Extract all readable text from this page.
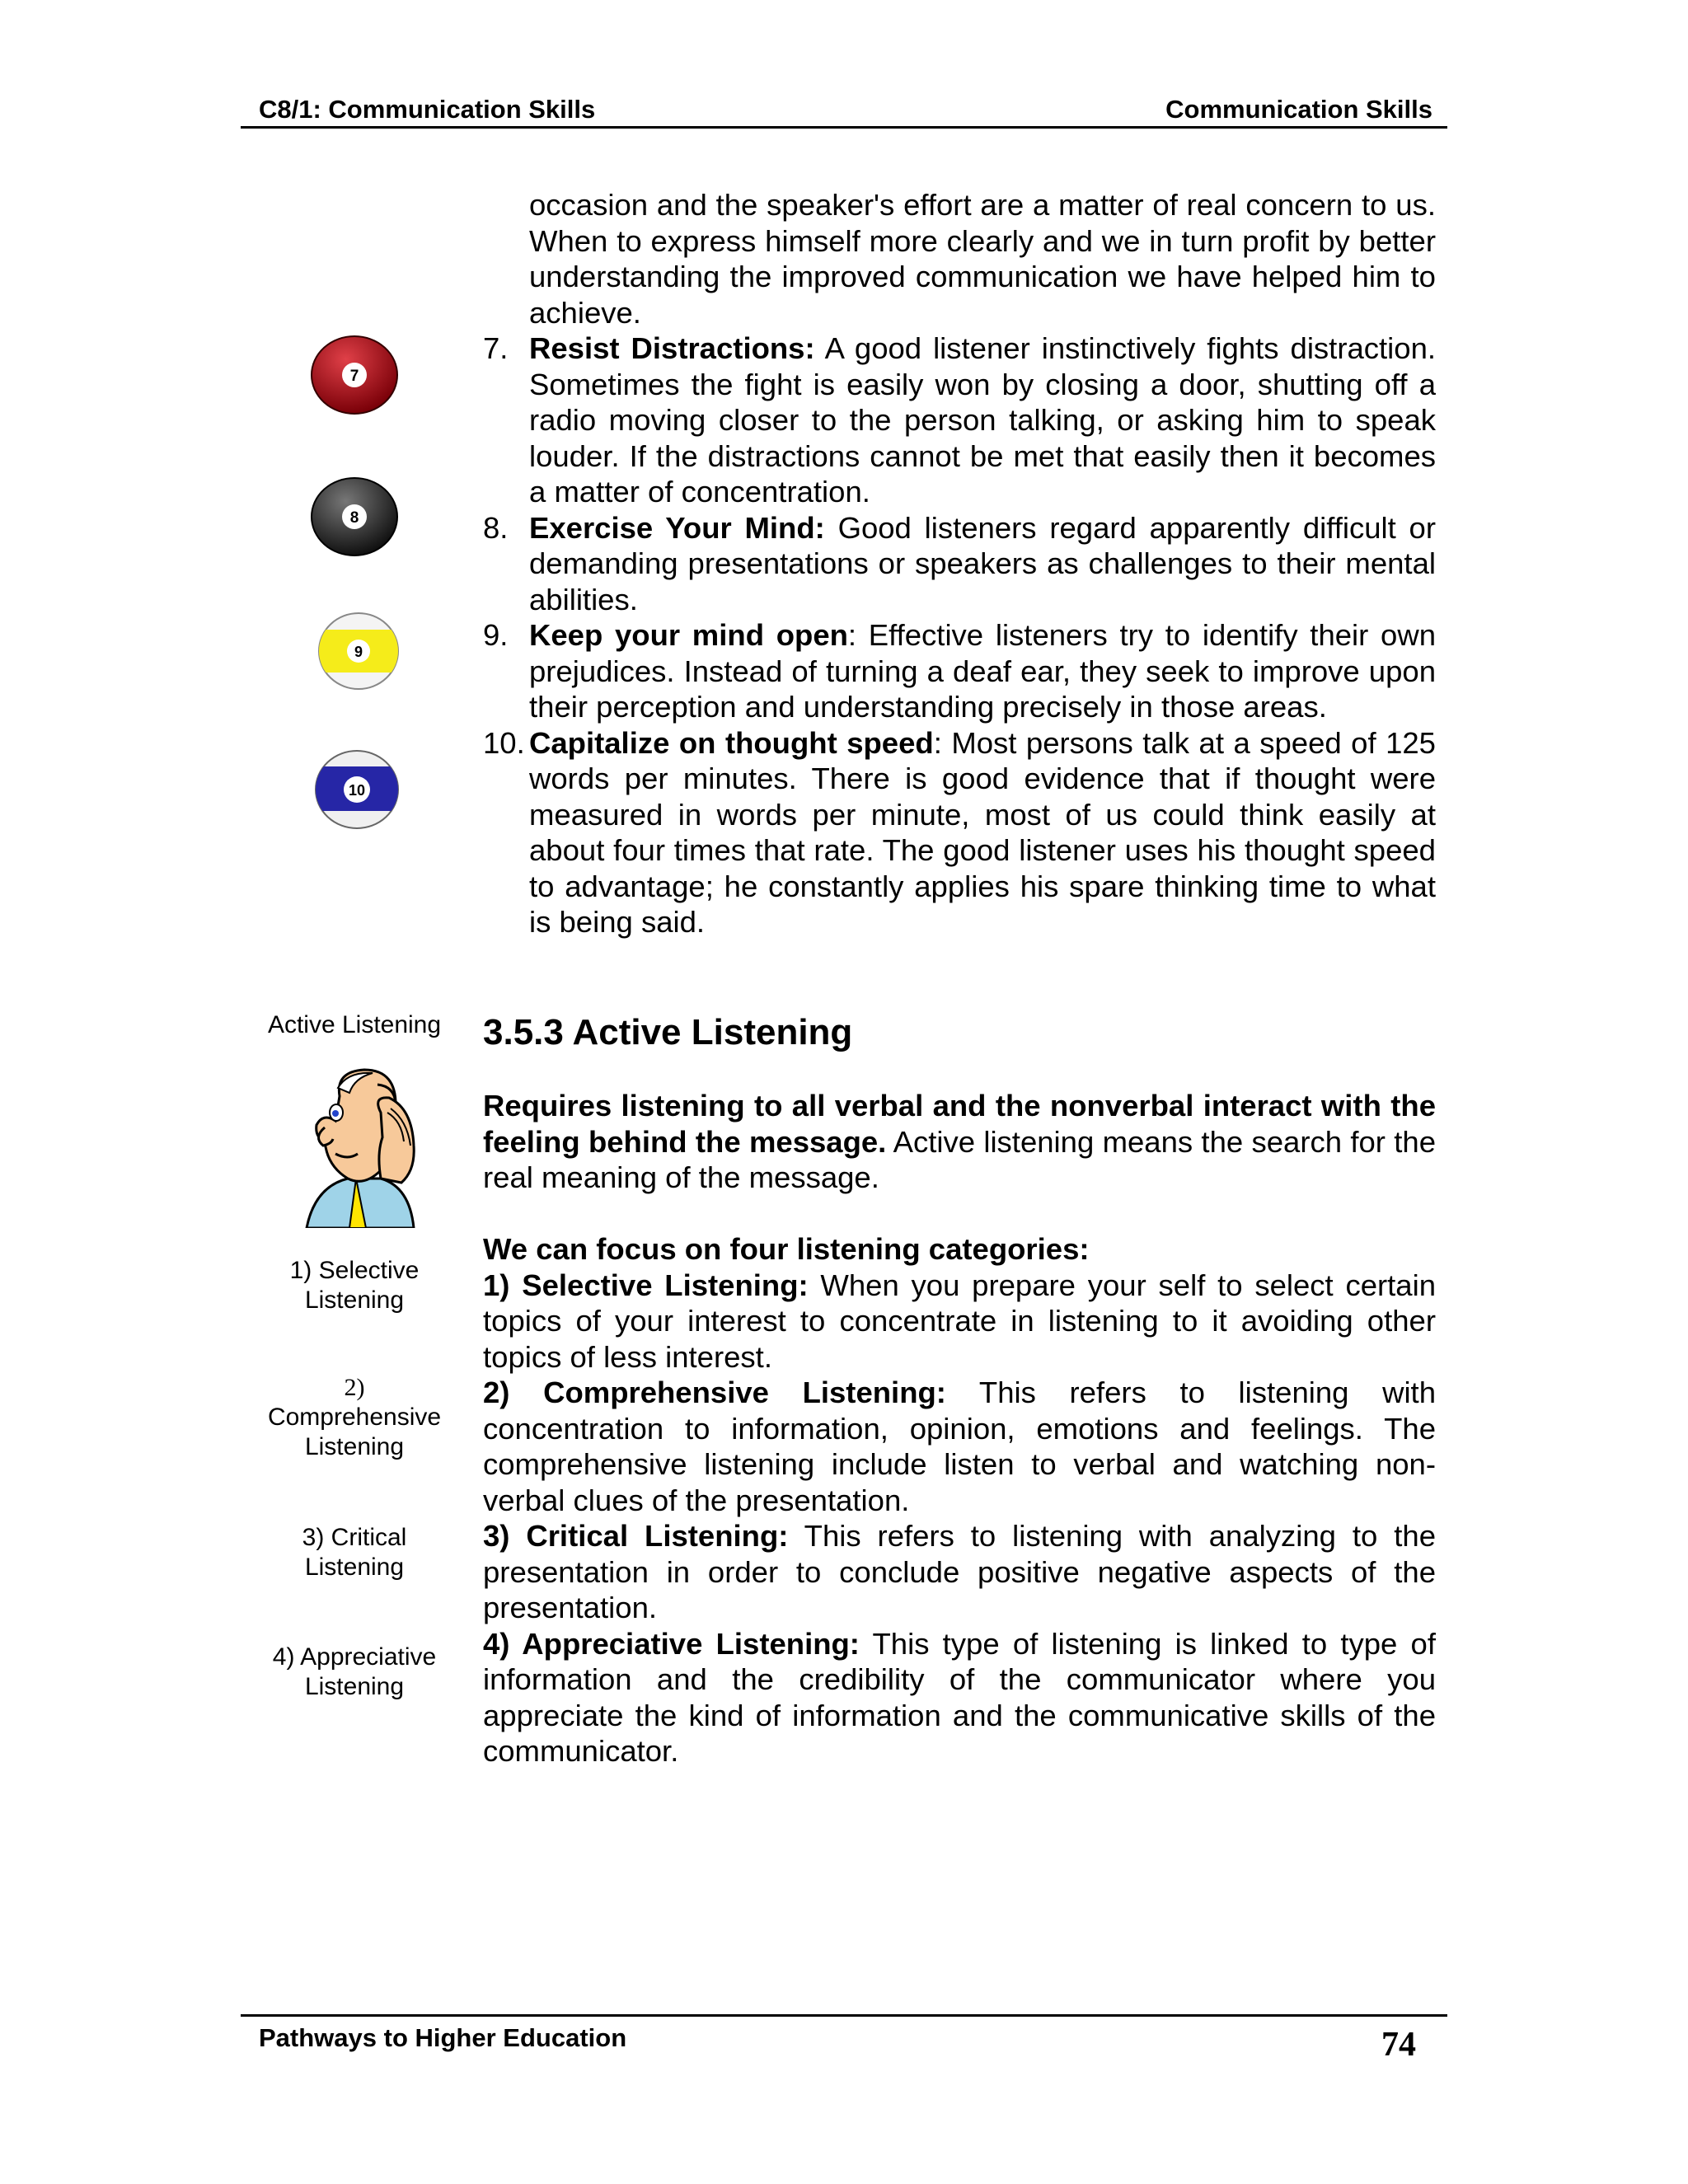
C8/1: Communication Skills	Communication Skills
occasion and the speaker's effort are a matter of real concern to us. When to express himself more clearly and we in turn profit by better understanding the improved communication we have helped him to achieve.
7. Resist Distractions: A good listener instinctively fights distraction. Sometimes the fight is easily won by closing a door, shutting off a radio moving closer to the person talking, or asking him to speak louder. If the distractions cannot be met that easily then it becomes a matter of concentration.
8. Exercise Your Mind: Good listeners regard apparently difficult or demanding presentations or speakers as challenges to their mental abilities.
9. Keep your mind open: Effective listeners try to identify their own prejudices. Instead of turning a deaf ear, they seek to improve upon their perception and understanding precisely in those areas.
10. Capitalize on thought speed: Most persons talk at a speed of 125 words per minutes. There is good evidence that if thought were measured in words per minute, most of us could think easily at about four times that rate. The good listener uses his thought speed to advantage; he constantly applies his spare thinking time to what is being said.
7
8
9
10
3.5.3 Active Listening
Active Listening
Requires listening to all verbal and the nonverbal interact with the feeling behind the message. Active listening means the search for the real meaning of the message.
We can focus on four listening categories:
1) Selective Listening: When you prepare your self to select certain topics of your interest to concentrate in listening to it avoiding other topics of less interest.
2) Comprehensive Listening: This refers to listening with concentration to information, opinion, emotions and feelings. The comprehensive listening include listen to verbal and watching non-verbal clues of the presentation.
3) Critical Listening: This refers to listening with analyzing to the presentation in order to conclude positive negative aspects of the presentation.
4) Appreciative Listening: This type of listening is linked to type of information and the credibility of the communicator where you appreciate the kind of information and the communicative skills of the communicator.
1) Selective
Listening
2)
Comprehensive
Listening
3) Critical
Listening
4) Appreciative
Listening
Pathways to Higher Education	74
